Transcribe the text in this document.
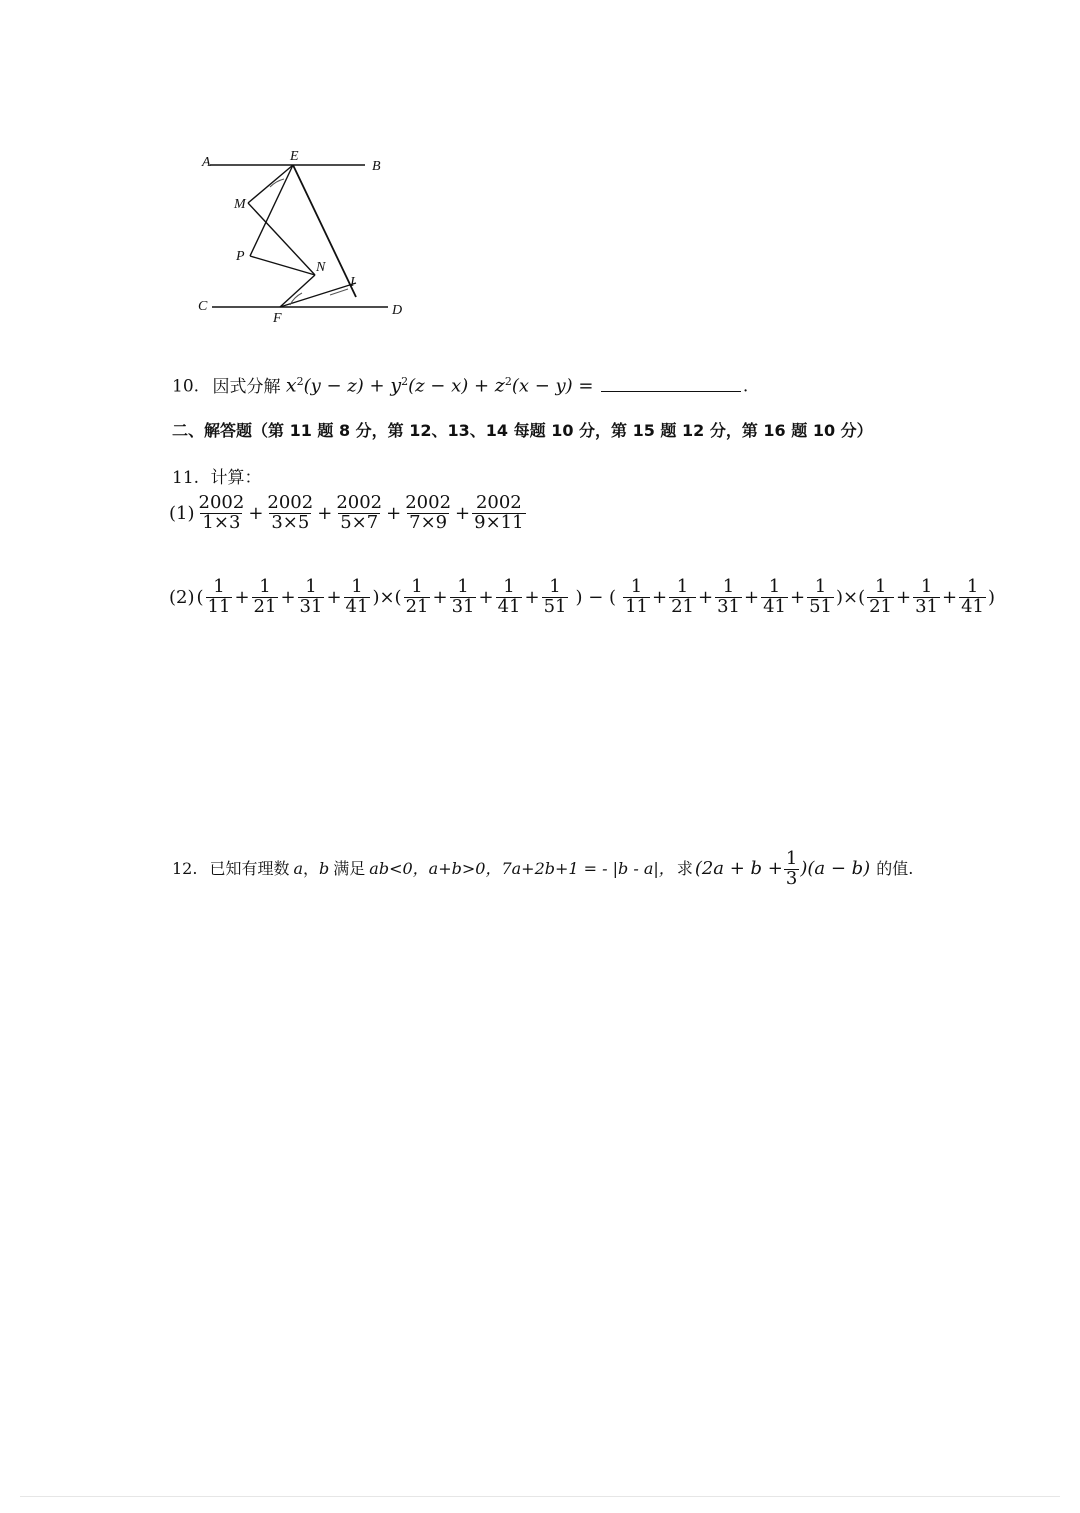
A	E
B
M
P
N
I
C
F
D
10. 因式分解 $x^2(y - z) + y^2(z - x) + z^2(x - y)$ =	.
二、解答题（第 11 题 8 分，第 12、13、14 每题 10 分，第 15 题 12 分，第 16 题 10 分）
11. 计算：
$(1) \frac{2002}{1\times 3} + \frac{2002}{3\times 5} + \frac{2002}{5\times 7} + \frac{2002}{7\times 9} + \frac{2002}{9\times 11}$
(2) ( $\frac{1}{11} + \frac{1}{21} + \frac{1}{31} + \frac{1}{41}$ )×( $\frac{1}{21} + \frac{1}{31} + \frac{1}{41} + \frac{1}{51}$ ) − ( $\frac{1}{11} + \frac{1}{21} + \frac{1}{31} + \frac{1}{41} + \frac{1}{51}$ )×( $\frac{1}{21} + \frac{1}{31} + \frac{1}{41}$ )
12. 已知有理数 a ， b 满足 ab<0， a+b>0， 7a+2b+1 = - |b - a|， 求 $(2a + b + \frac{1}{3} )(a - b)$ 的值.
